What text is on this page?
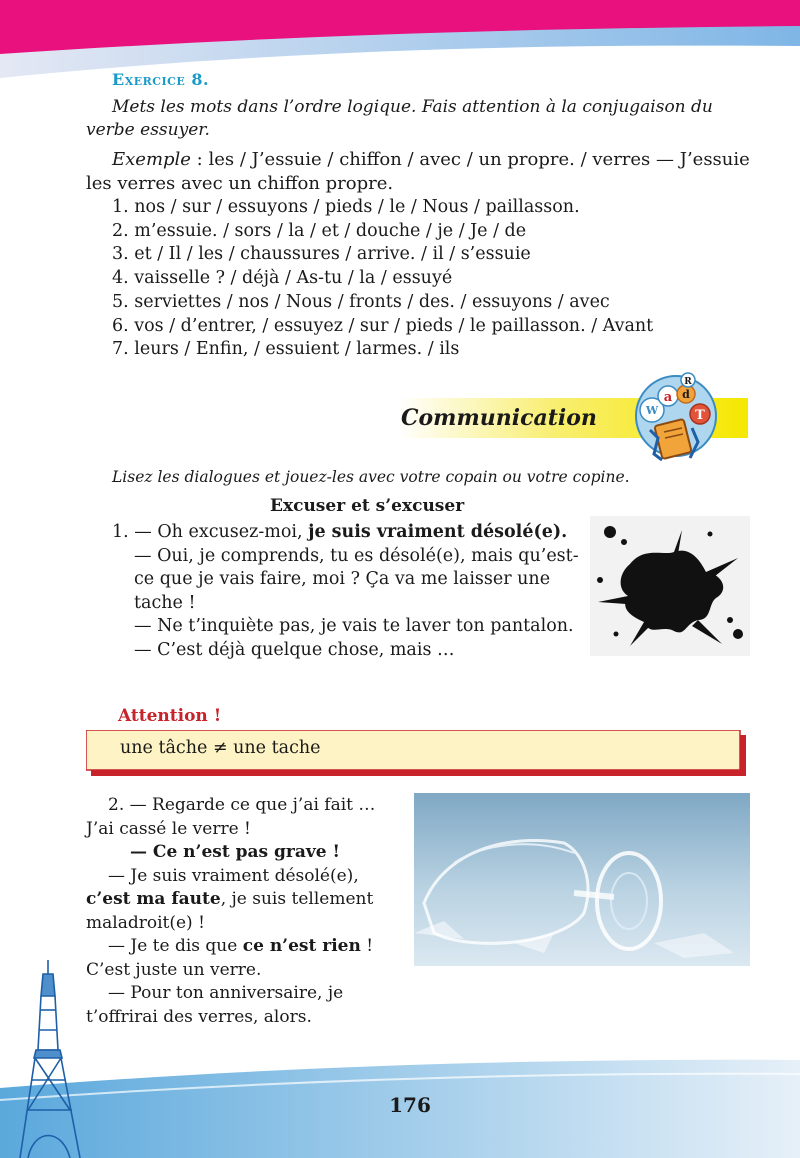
Exercice 8.
Mets les mots dans l’ordre logique. Fais attention à la conjugaison du verbe essuyer.
Exemple : les / J’essuie / chiffon / avec / un propre. / verres — J’essuie les verres avec un chiffon propre.
1. nos / sur / essuyons / pieds / le / Nous / paillasson.
2. m’essuie. / sors / la / et / douche / je / Je / de
3. et / Il / les / chaussures / arrive. / il / s’essuie
4. vaisselle ? / déjà / As-tu / la / essuyé
5. serviettes / nos / Nous / fronts / des. / essuyons / avec
6. vos / d’entrer, / essuyez / sur / pieds / le paillasson. / Avant
7. leurs / Enfin, / essuient / larmes. / ils
Communication
a d
T
W
R
Lisez les dialogues et jouez-les avec votre copain ou votre copine.
Excuser et s’excuser
1. — Oh excusez-moi, je suis vraiment désolé(e).
— Oui, je comprends, tu es désolé(e), mais qu’est-ce que je vais faire, moi ? Ça va me laisser une tache !
— Ne t’inquiète pas, je vais te laver ton pantalon.
— C’est déjà quelque chose, mais …
Attention !
une tâche ≠ une tache

2. — Regarde ce que j’ai fait … J’ai cassé le verre !

— Ce n’est pas grave !

— Je suis vraiment désolé(e), c’est ma faute, je suis tellement maladroit(e) !

— Je te dis que ce n’est rien ! C’est juste un verre.

— Pour ton anniversaire, je t’offrirai des verres, alors.

176
